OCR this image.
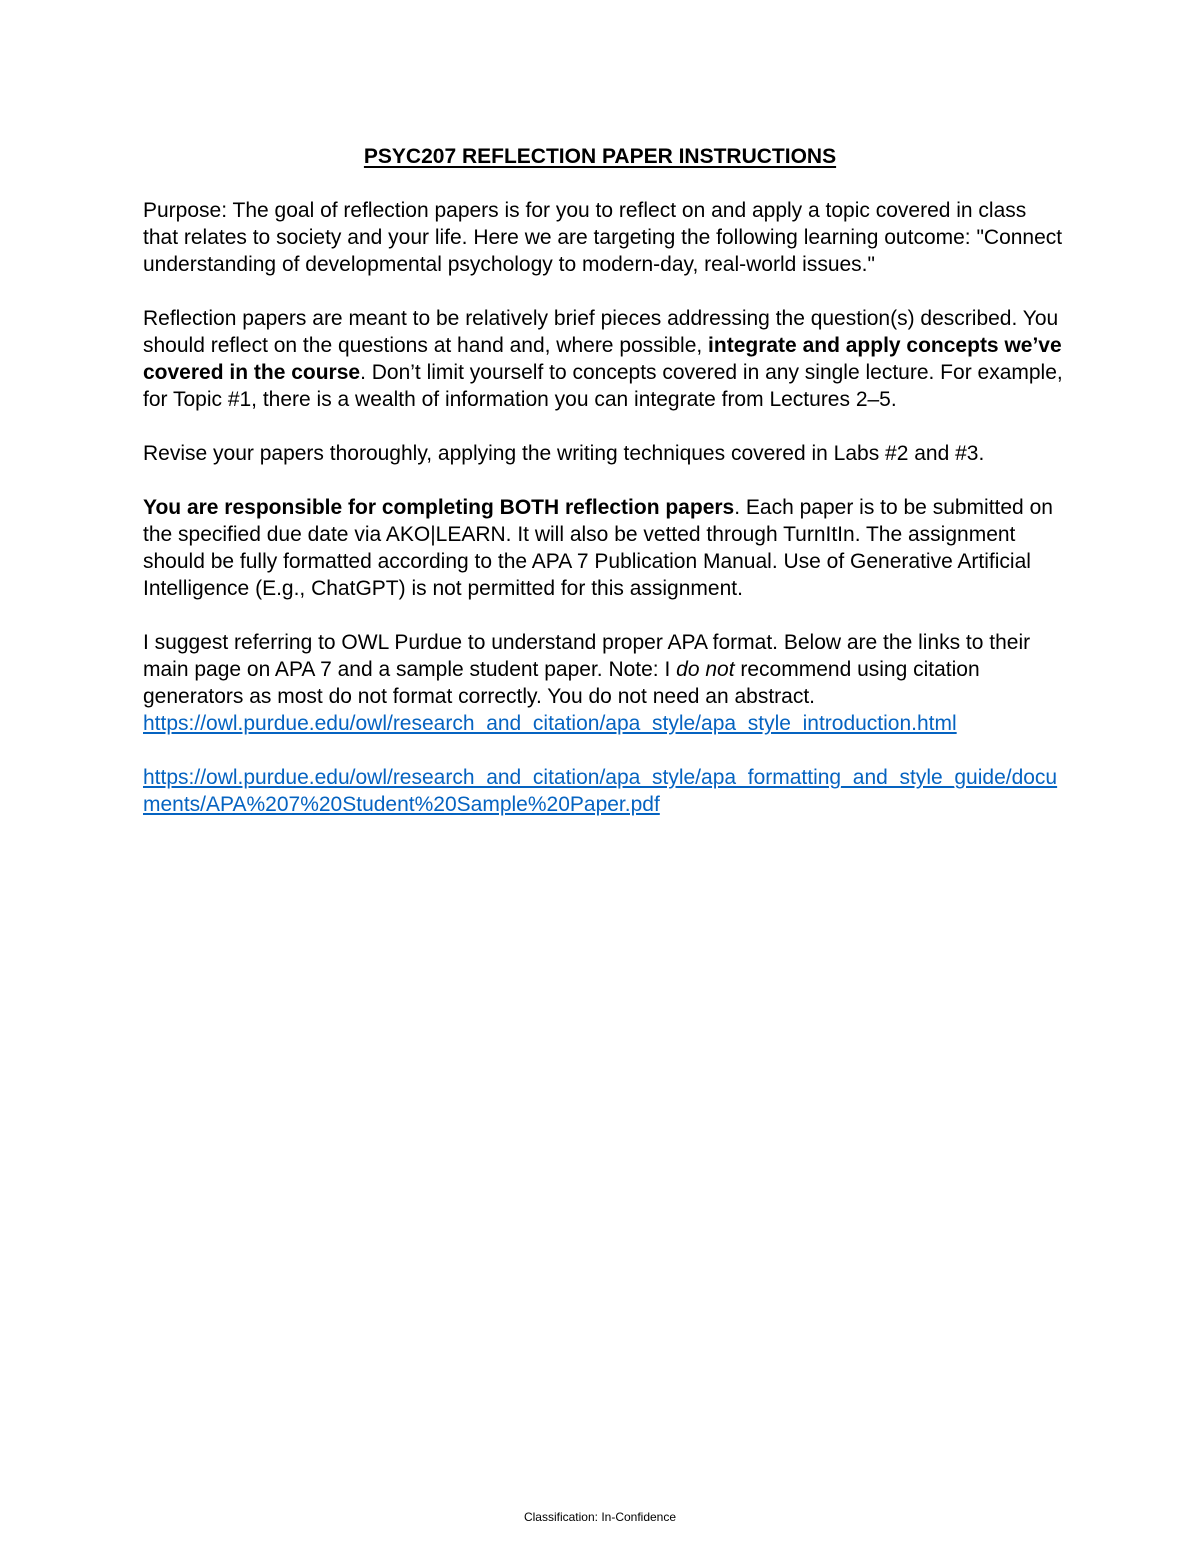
PSYC207 REFLECTION PAPER INSTRUCTIONS

Purpose: The goal of reflection papers is for you to reflect on and apply a topic covered in class that relates to society and your life. Here we are targeting the following learning outcome: "Connect understanding of developmental psychology to modern-day, real-world issues."

Reflection papers are meant to be relatively brief pieces addressing the question(s) described. You should reflect on the questions at hand and, where possible, integrate and apply concepts we’ve covered in the course. Don’t limit yourself to concepts covered in any single lecture. For example, for Topic #1, there is a wealth of information you can integrate from Lectures 2–5.

Revise your papers thoroughly, applying the writing techniques covered in Labs #2 and #3.

You are responsible for completing BOTH reflection papers. Each paper is to be submitted on the specified due date via AKO|LEARN. It will also be vetted through TurnItIn. The assignment should be fully formatted according to the APA 7 Publication Manual. Use of Generative Artificial Intelligence (E.g., ChatGPT) is not permitted for this assignment.

I suggest referring to OWL Purdue to understand proper APA format. Below are the links to their main page on APA 7 and a sample student paper. Note: I do not recommend using citation generators as most do not format correctly. You do not need an abstract.

https://owl.purdue.edu/owl/research_and_citation/apa_style/apa_style_introduction.html
https://owl.purdue.edu/owl/research_and_citation/apa_style/apa_formatting_and_style_guide/documents/APA%207%20Student%20Sample%20Paper.pdf
Classification: In-Confidence
